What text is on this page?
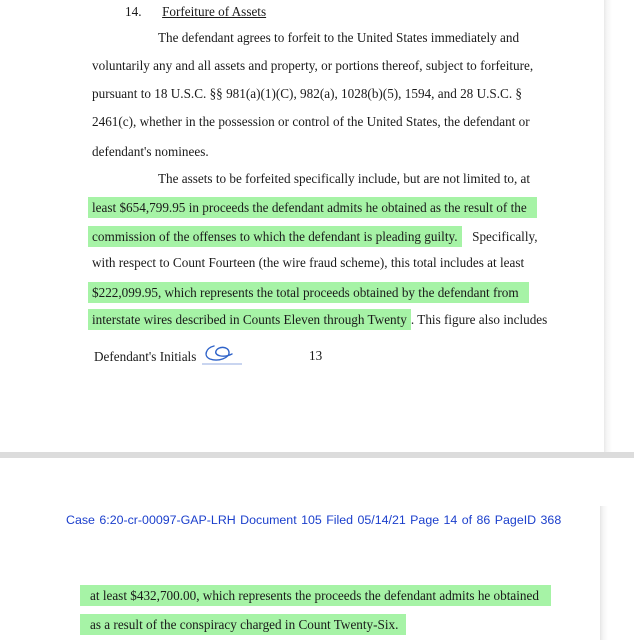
14. Forfeiture of Assets
The defendant agrees to forfeit to the United States immediately and
voluntarily any and all assets and property, or portions thereof, subject to forfeiture,
pursuant to 18 U.S.C. §§ 981(a)(1)(C), 982(a), 1028(b)(5), 1594, and 28 U.S.C. §
2461(c), whether in the possession or control of the United States, the defendant or
defendant's nominees.
The assets to be forfeited specifically include, but are not limited to, at
least $654,799.95 in proceeds the defendant admits he obtained as the result of the
commission of the offenses to which the defendant is pleading guilty. Specifically,
with respect to Count Fourteen (the wire fraud scheme), this total includes at least
$222,099.95, which represents the total proceeds obtained by the defendant from
interstate wires described in Counts Eleven through Twenty . This figure also includes
Defendant's Initials	13
Case 6:20-cr-00097-GAP-LRH Document 105 Filed 05/14/21 Page 14 of 86 PageID 368
at least $432,700.00, which represents the proceeds the defendant admits he obtained
as a result of the conspiracy charged in Count Twenty-Six.
